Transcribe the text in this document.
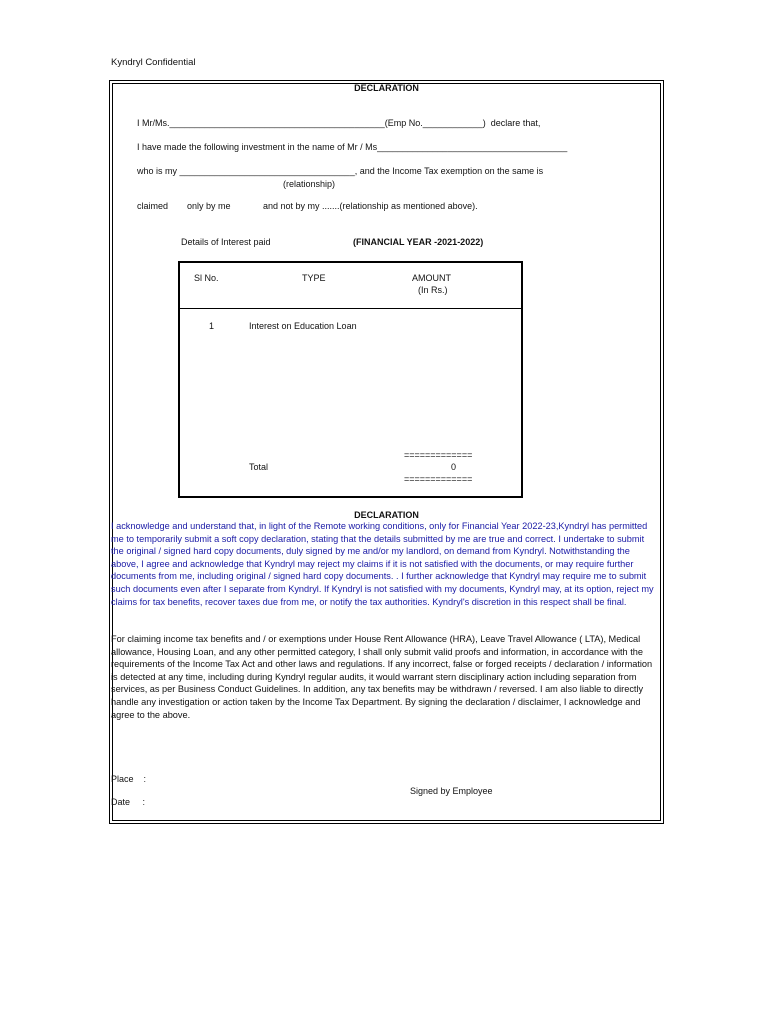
Kyndryl Confidential
DECLARATION
I Mr/Ms.___________________________________________(Emp No.____________)  declare that,
I have made the following investment in the name of Mr / Ms______________________________________
who is my ___________________________________, and the Income Tax exemption on the same is
(relationship)
claimed only by me	and not by my .......(relationship as mentioned above).
Details of Interest paid	(FINANCIAL YEAR -2021-2022)
Sl No.	TYPE	AMOUNT
(In Rs.)
1	Interest on Education Loan
=============
Total	0
=============
DECLARATION

I acknowledge and understand that, in light of the Remote working conditions, only for Financial Year 2022-23,Kyndryl has permitted me to temporarily submit a soft copy declaration, stating that the details submitted by me are true and correct. I undertake to submit the original / signed hard copy documents, duly signed by me and/or my landlord, on demand from Kyndryl. Notwithstanding the above, I agree and acknowledge that Kyndryl may reject my claims if it is not satisfied with the documents, or may require further documents from me, including original / signed hard copy documents. . I further acknowledge that Kyndryl may require me to submit such documents even after I separate from Kyndryl. If Kyndryl is not satisfied with my documents, Kyndryl may, at its option, reject my claims for tax benefits, recover taxes due from me, or notify the tax authorities. Kyndryl's discretion in this respect shall be final.

For claiming income tax benefits and / or exemptions under House Rent Allowance (HRA), Leave Travel Allowance ( LTA), Medical allowance, Housing Loan, and any other permitted category, I shall only submit valid proofs and information, in accordance with the requirements of the Income Tax Act and other laws and regulations. If any incorrect, false or forged receipts / declaration / information is detected at any time, including during Kyndryl regular audits, it would warrant stern disciplinary action including separation from services, as per Business Conduct Guidelines. In addition, any tax benefits may be withdrawn / reversed. I am also liable to directly handle any investigation or action taken by the Income Tax Department. By signing the declaration / disclaimer, I acknowledge and agree to the above.

Place    :
Date     :
Signed by Employee
